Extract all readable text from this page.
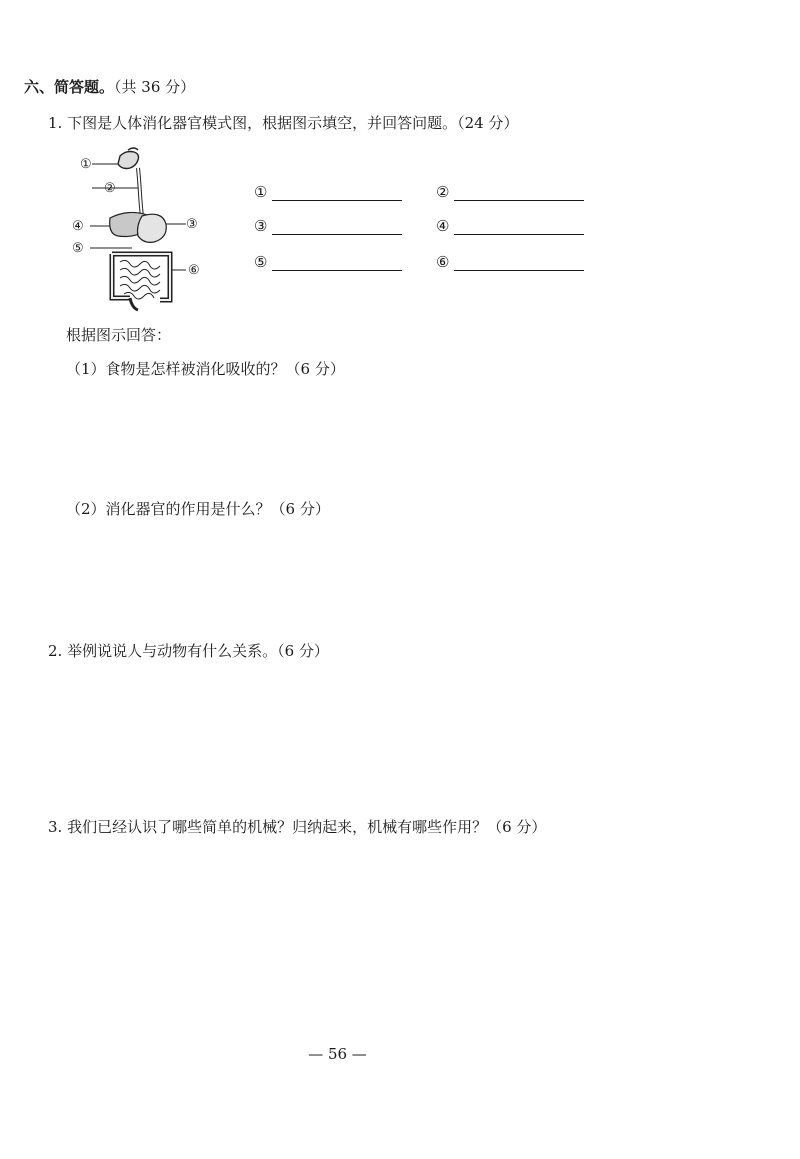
六、简答题。（共 36 分）
1. 下图是人体消化器官模式图，根据图示填空，并回答问题。（24 分）
①
②
③
④
⑤
⑥
①	②
③	④
⑤	⑥
根据图示回答：
（1）食物是怎样被消化吸收的？（6 分）
（2）消化器官的作用是什么？（6 分）
2. 举例说说人与动物有什么关系。（6 分）
3. 我们已经认识了哪些简单的机械？归纳起来，机械有哪些作用？（6 分）
— 56 —
